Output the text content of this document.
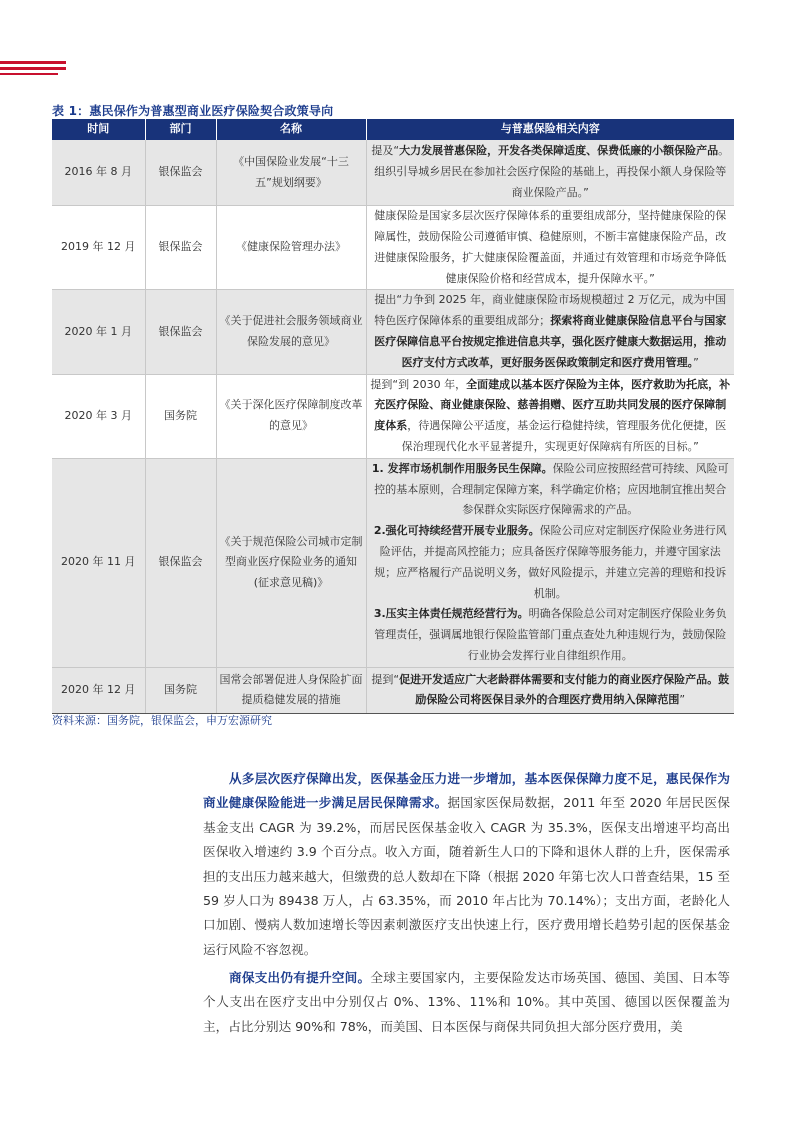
表 1：惠民保作为普惠型商业医疗保险契合政策导向
时间	部门	名称	与普惠保险相关内容
2016 年 8 月	银保监会	《中国保险业发展“十三五”规划纲要》	提及“大力发展普惠保险，开发各类保障适度、保费低廉的小额保险产品。组织引导城乡居民在参加社会医疗保险的基础上，再投保小额人身保险等商业保险产品。”
2019 年 12 月	银保监会	《健康保险管理办法》	健康保险是国家多层次医疗保障体系的重要组成部分，坚持健康保险的保障属性，鼓励保险公司遵循审慎、稳健原则，不断丰富健康保险产品，改进健康保险服务，扩大健康保险覆盖面，并通过有效管理和市场竞争降低健康保险价格和经营成本，提升保障水平。”
2020 年 1 月	银保监会	《关于促进社会服务领域商业保险发展的意见》	提出“力争到 2025 年，商业健康保险市场规模超过 2 万亿元，成为中国特色医疗保障体系的重要组成部分；探索将商业健康保险信息平台与国家医疗保障信息平台按规定推进信息共享，强化医疗健康大数据运用，推动医疗支付方式改革，更好服务医保政策制定和医疗费用管理。”
2020 年 3 月	国务院	《关于深化医疗保障制度改革的意见》	提到“到 2030 年，全面建成以基本医疗保险为主体，医疗救助为托底，补充医疗保险、商业健康保险、慈善捐赠、医疗互助共同发展的医疗保障制度体系，待遇保障公平适度，基金运行稳健持续，管理服务优化便捷，医保治理现代化水平显著提升，实现更好保障病有所医的目标。”
2020 年 11 月	银保监会	《关于规范保险公司城市定制型商业医疗保险业务的通知(征求意见稿)》	1. 发挥市场机制作用服务民生保障。保险公司应按照经营可持续、风险可控的基本原则，合理制定保障方案，科学确定价格；应因地制宜推出契合参保群众实际医疗保障需求的产品。
2.强化可持续经营开展专业服务。保险公司应对定制医疗保险业务进行风险评估，并提高风控能力；应具备医疗保障等服务能力，并遵守国家法规；应严格履行产品说明义务，做好风险提示，并建立完善的理赔和投诉机制。
3.压实主体责任规范经营行为。明确各保险总公司对定制医疗保险业务负管理责任，强调属地银行保险监管部门重点查处九种违规行为，鼓励保险行业协会发挥行业自律组织作用。

2020 年 12 月	国务院	国常会部署促进人身保险扩面提质稳健发展的措施	提到“促进开发适应广大老龄群体需要和支付能力的商业医疗保险产品。鼓励保险公司将医保目录外的合理医疗费用纳入保障范围”
资料来源：国务院，银保监会，申万宏源研究

从多层次医疗保障出发，医保基金压力进一步增加，基本医保保障力度不足，惠民保作为商业健康保险能进一步满足居民保障需求。据国家医保局数据，2011 年至 2020 年居民医保基金支出 CAGR 为 39.2%，而居民医保基金收入 CAGR 为 35.3%，医保支出增速平均高出医保收入增速约 3.9 个百分点。收入方面，随着新生人口的下降和退休人群的上升，医保需承担的支出压力越来越大，但缴费的总人数却在下降（根据 2020 年第七次人口普查结果，15 至 59 岁人口为 89438 万人，占 63.35%，而 2010 年占比为 70.14%）；支出方面，老龄化人口加剧、慢病人数加速增长等因素刺激医疗支出快速上行，医疗费用增长趋势引起的医保基金运行风险不容忽视。

商保支出仍有提升空间。全球主要国家内，主要保险发达市场英国、德国、美国、日本等个人支出在医疗支出中分别仅占 0%、13%、11%和 10%。其中英国、德国以医保覆盖为主，占比分别达 90%和 78%，而美国、日本医保与商保共同负担大部分医疗费用，美
